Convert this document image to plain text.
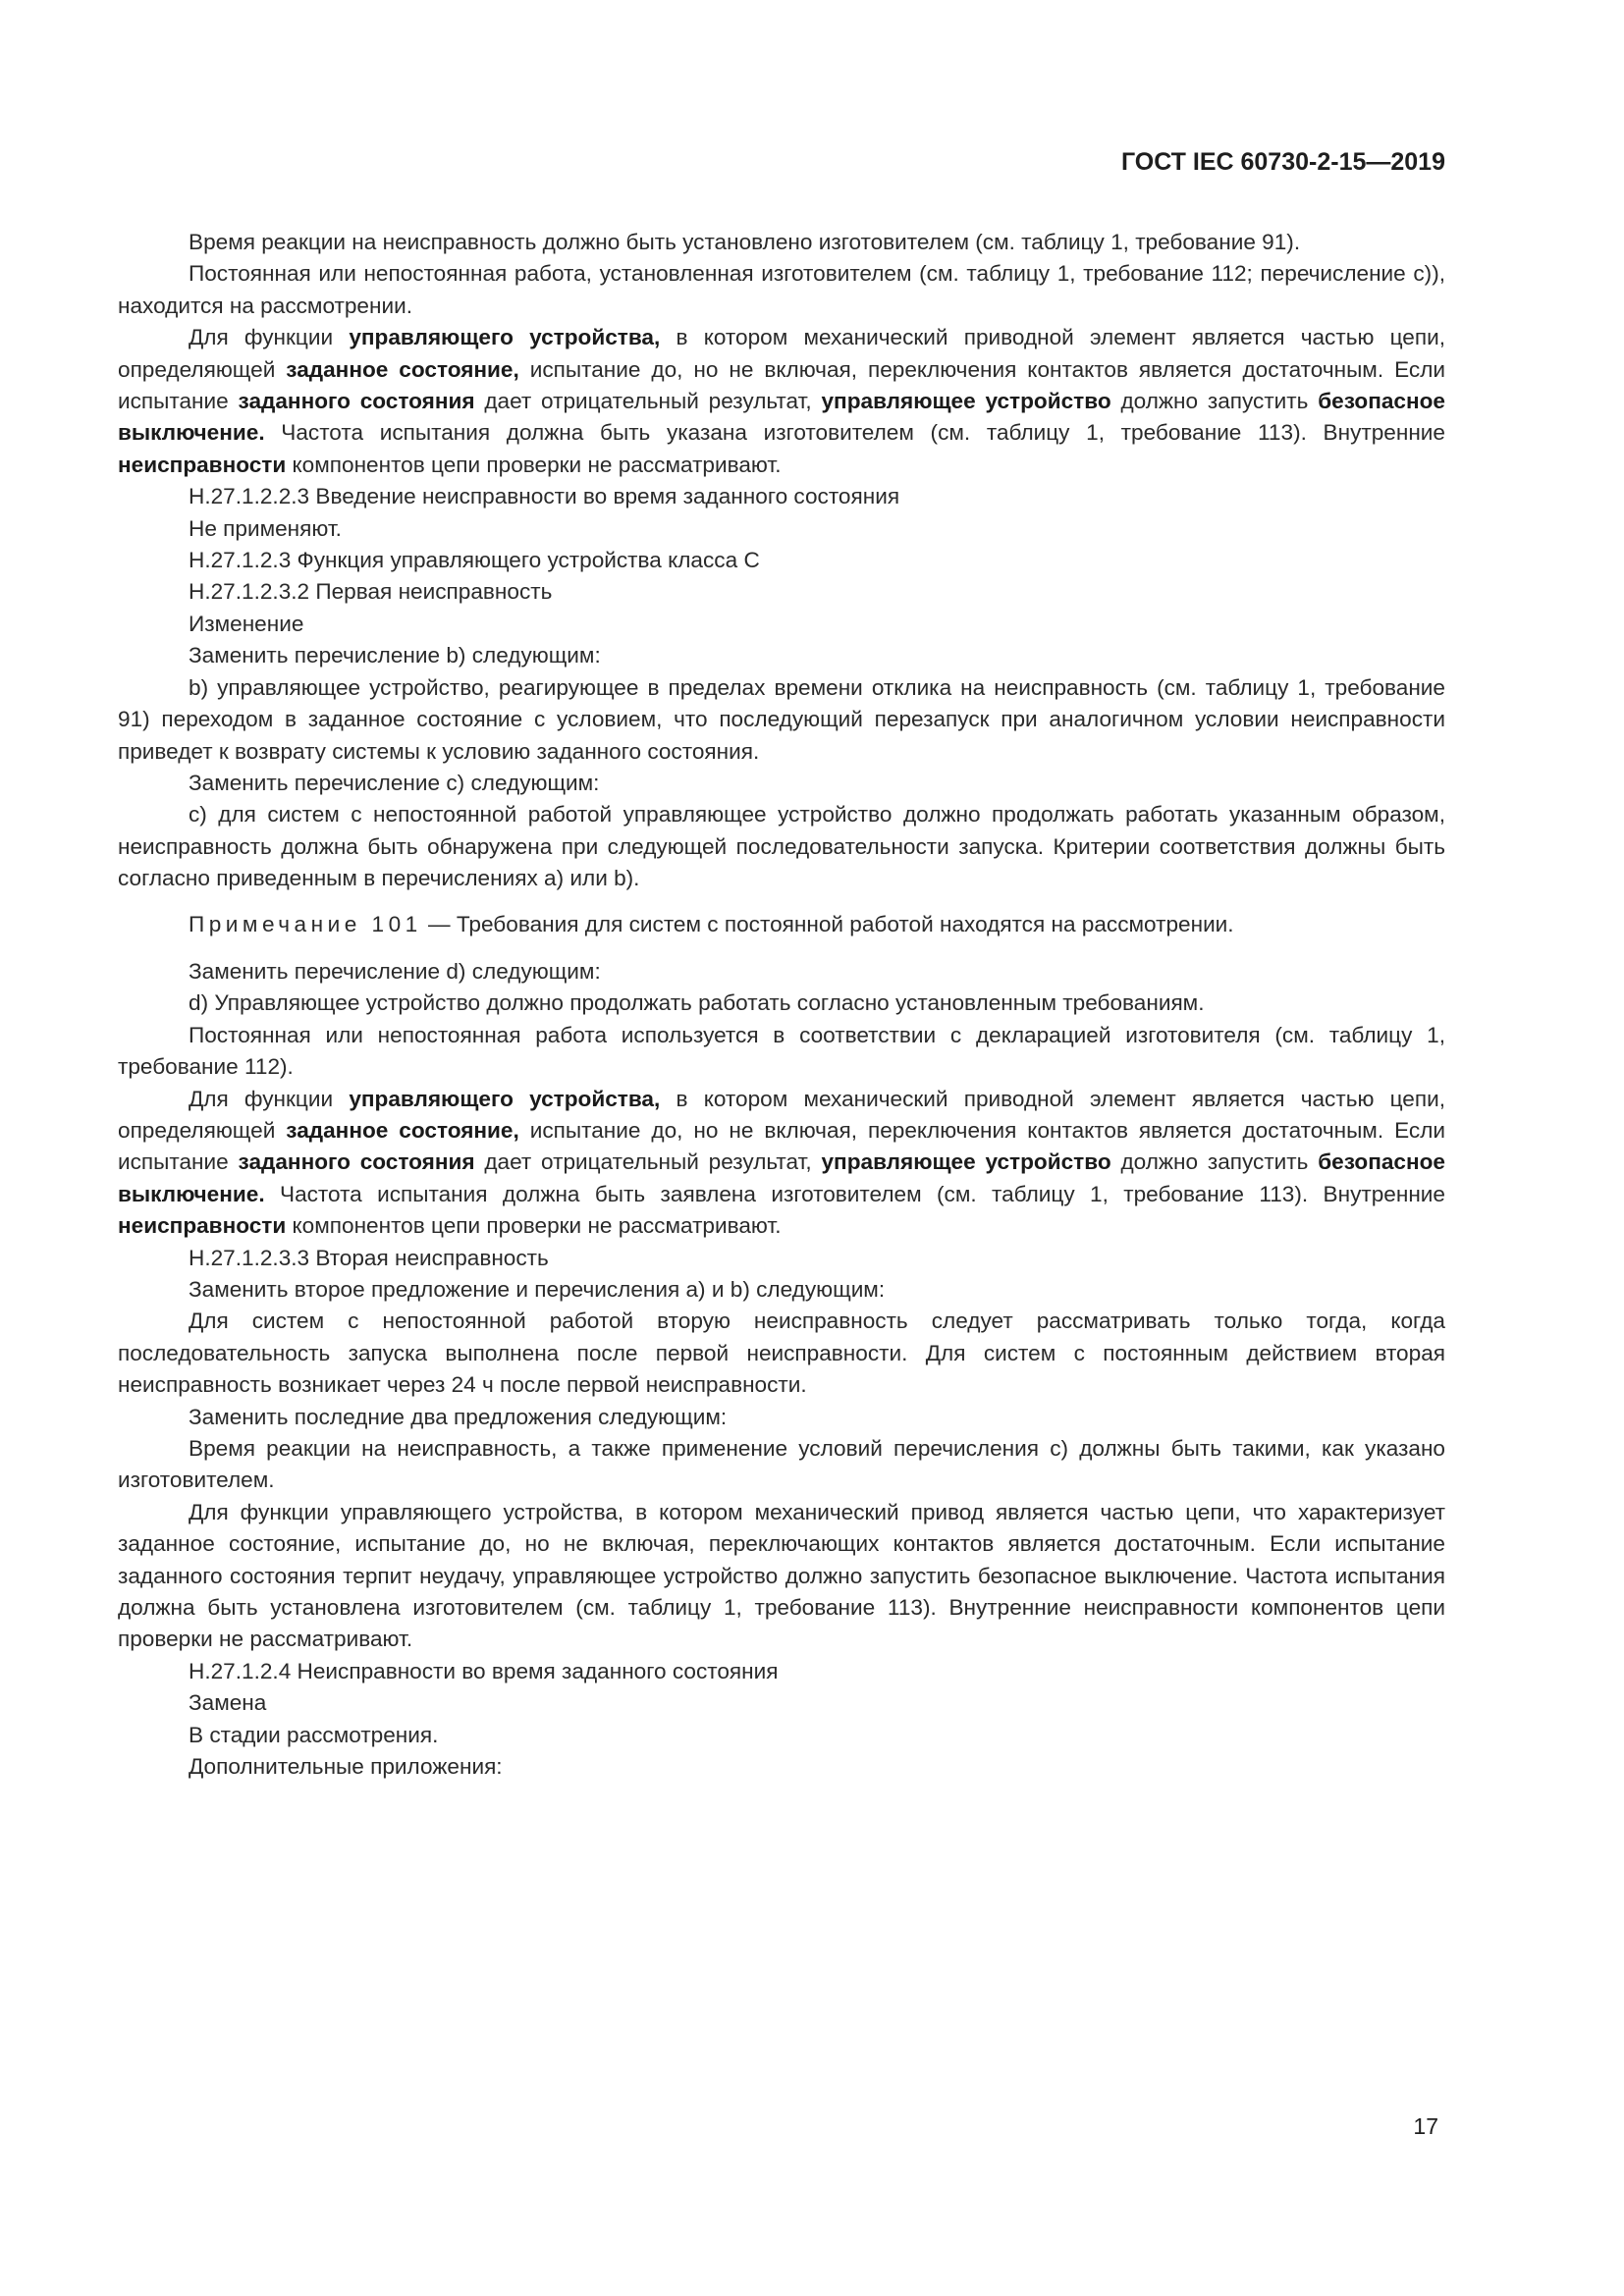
ГОСТ IEC 60730-2-15—2019

Время реакции на неисправность должно быть установлено изготовителем (см. таблицу 1, требование 91).

Постоянная или непостоянная работа, установленная изготовителем (см. таблицу 1, требование 112; перечисление с)), находится на рассмотрении.

Для функции управляющего устройства, в котором механический приводной элемент является частью цепи, определяющей заданное состояние, испытание до, но не включая, переключения контактов является достаточным. Если испытание заданного состояния дает отрицательный результат, управляющее устройство должно запустить безопасное выключение. Частота испытания должна быть указана изготовителем (см. таблицу 1, требование 113). Внутренние неисправности компонентов цепи проверки не рассматривают.

Н.27.1.2.2.3 Введение неисправности во время заданного состояния

Не применяют.

Н.27.1.2.3 Функция управляющего устройства класса С

Н.27.1.2.3.2 Первая неисправность

Изменение

Заменить перечисление b) следующим:

b) управляющее устройство, реагирующее в пределах времени отклика на неисправность (см. таблицу 1, требование 91) переходом в заданное состояние с условием, что последующий перезапуск при аналогичном условии неисправности приведет к возврату системы к условию заданного состояния.

Заменить перечисление с) следующим:

с) для систем с непостоянной работой управляющее устройство должно продолжать работать указанным образом, неисправность должна быть обнаружена при следующей последовательности запуска. Критерии соответствия должны быть согласно приведенным в перечислениях а) или b).

Примечание 101 — Требования для систем с постоянной работой находятся на рассмотрении.

Заменить перечисление d) следующим:

d) Управляющее устройство должно продолжать работать согласно установленным требованиям.

Постоянная или непостоянная работа используется в соответствии с декларацией изготовителя (см. таблицу 1, требование 112).

Для функции управляющего устройства, в котором механический приводной элемент является частью цепи, определяющей заданное состояние, испытание до, но не включая, переключения контактов является достаточным. Если испытание заданного состояния дает отрицательный результат, управляющее устройство должно запустить безопасное выключение. Частота испытания должна быть заявлена изготовителем (см. таблицу 1, требование 113). Внутренние неисправности компонентов цепи проверки не рассматривают.

Н.27.1.2.3.3 Вторая неисправность

Заменить второе предложение и перечисления а) и b) следующим:

Для систем с непостоянной работой вторую неисправность следует рассматривать только тогда, когда последовательность запуска выполнена после первой неисправности. Для систем с постоянным действием вторая неисправность возникает через 24 ч после первой неисправности.

Заменить последние два предложения следующим:

Время реакции на неисправность, а также применение условий перечисления с) должны быть такими, как указано изготовителем.

Для функции управляющего устройства, в котором механический привод является частью цепи, что характеризует заданное состояние, испытание до, но не включая, переключающих контактов является достаточным. Если испытание заданного состояния терпит неудачу, управляющее устройство должно запустить безопасное выключение. Частота испытания должна быть установлена изготовителем (см. таблицу 1, требование 113). Внутренние неисправности компонентов цепи проверки не рассматривают.

Н.27.1.2.4 Неисправности во время заданного состояния

Замена

В стадии рассмотрения.

Дополнительные приложения:

17
